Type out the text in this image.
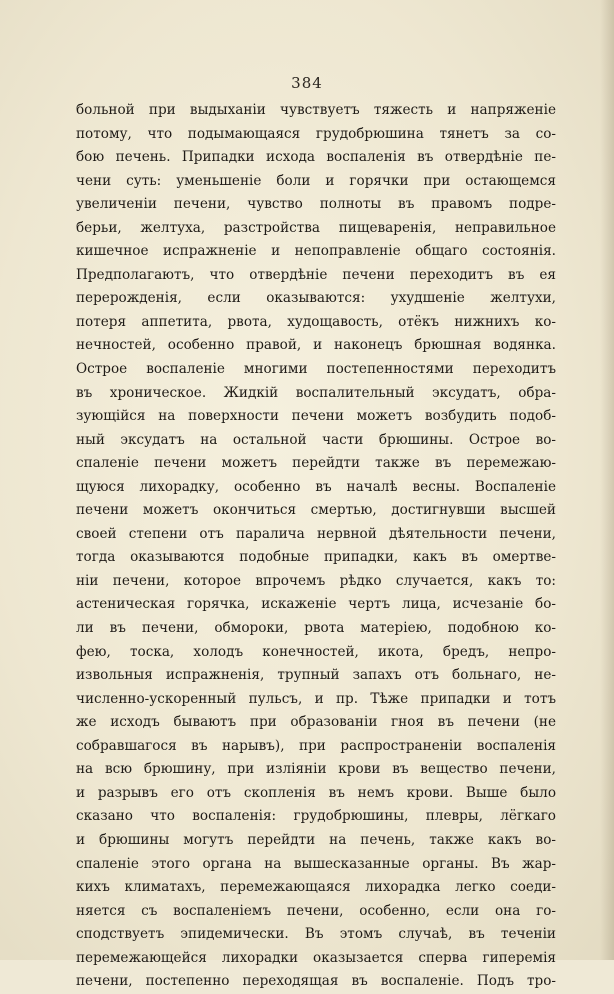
384
больной при выдыханіи чувствуетъ тяжесть и напряженіе
потому, что подымающаяся грудобрюшина тянетъ за со-
бою печень. Припадки исхода воспаленія въ отвердѣніе пе-
чени суть: уменьшеніе боли и горячки при остающемся
увеличеніи печени, чувство полноты въ правомъ подре-
берьи, желтуха, разстройства пищеваренія, неправильное
кишечное испражненіе и непоправленіе общаго состоянія.
Предполагаютъ, что отвердѣніе печени переходитъ въ ея
перерожденія, если оказываются: ухудшеніе желтухи,
потеря аппетита, рвота, худощавость, отёкъ нижнихъ ко-
нечностей, особенно правой, и наконецъ брюшная водянка.
Острое воспаленіе многими постепенностями переходитъ
въ хроническое. Жидкій воспалительный эксудатъ, обра-
зующійся на поверхности печени можетъ возбудить подоб-
ный эксудатъ на остальной части брюшины. Острое во-
спаленіе печени можетъ перейдти также въ перемежаю-
щуюся лихорадку, особенно въ началѣ весны. Воспаленіе
печени можетъ окончиться смертью, достигнувши высшей
своей степени отъ паралича нервной дѣятельности печени,
тогда оказываются подобные припадки, какъ въ омертве-
ніи печени, которое впрочемъ рѣдко случается, какъ то:
астеническая горячка, искаженіе чертъ лица, исчезаніе бо-
ли въ печени, обмороки, рвота матеріею, подобною ко-
фею, тоска, холодъ конечностей, икота, бредъ, непро-
извольныя испражненія, трупный запахъ отъ больнаго, не-
численно-ускоренный пульсъ, и пр. Тѣже припадки и тотъ
же исходъ бываютъ при образованіи гноя въ печени (не
собравшагося въ нарывъ), при распространеніи воспаленія
на всю брюшину, при изліяніи крови въ вещество печени,
и разрывъ его отъ скопленія въ немъ крови. Выше было
сказано что воспаленія: грудобрюшины, плевры, лёгкаго
и брюшины могутъ перейдти на печень, также какъ во-
спаленіе этого органа на вышесказанные органы. Въ жар-
кихъ климатахъ, перемежающаяся лихорадка легко соеди-
няется съ воспаленіемъ печени, особенно, если она го-
сподствуетъ эпидемически. Въ этомъ случаѣ, въ теченіи
перемежающейся лихорадки оказызается сперва гиперемія
печени, постепенно переходящая въ воспаленіе. Подъ тро-
